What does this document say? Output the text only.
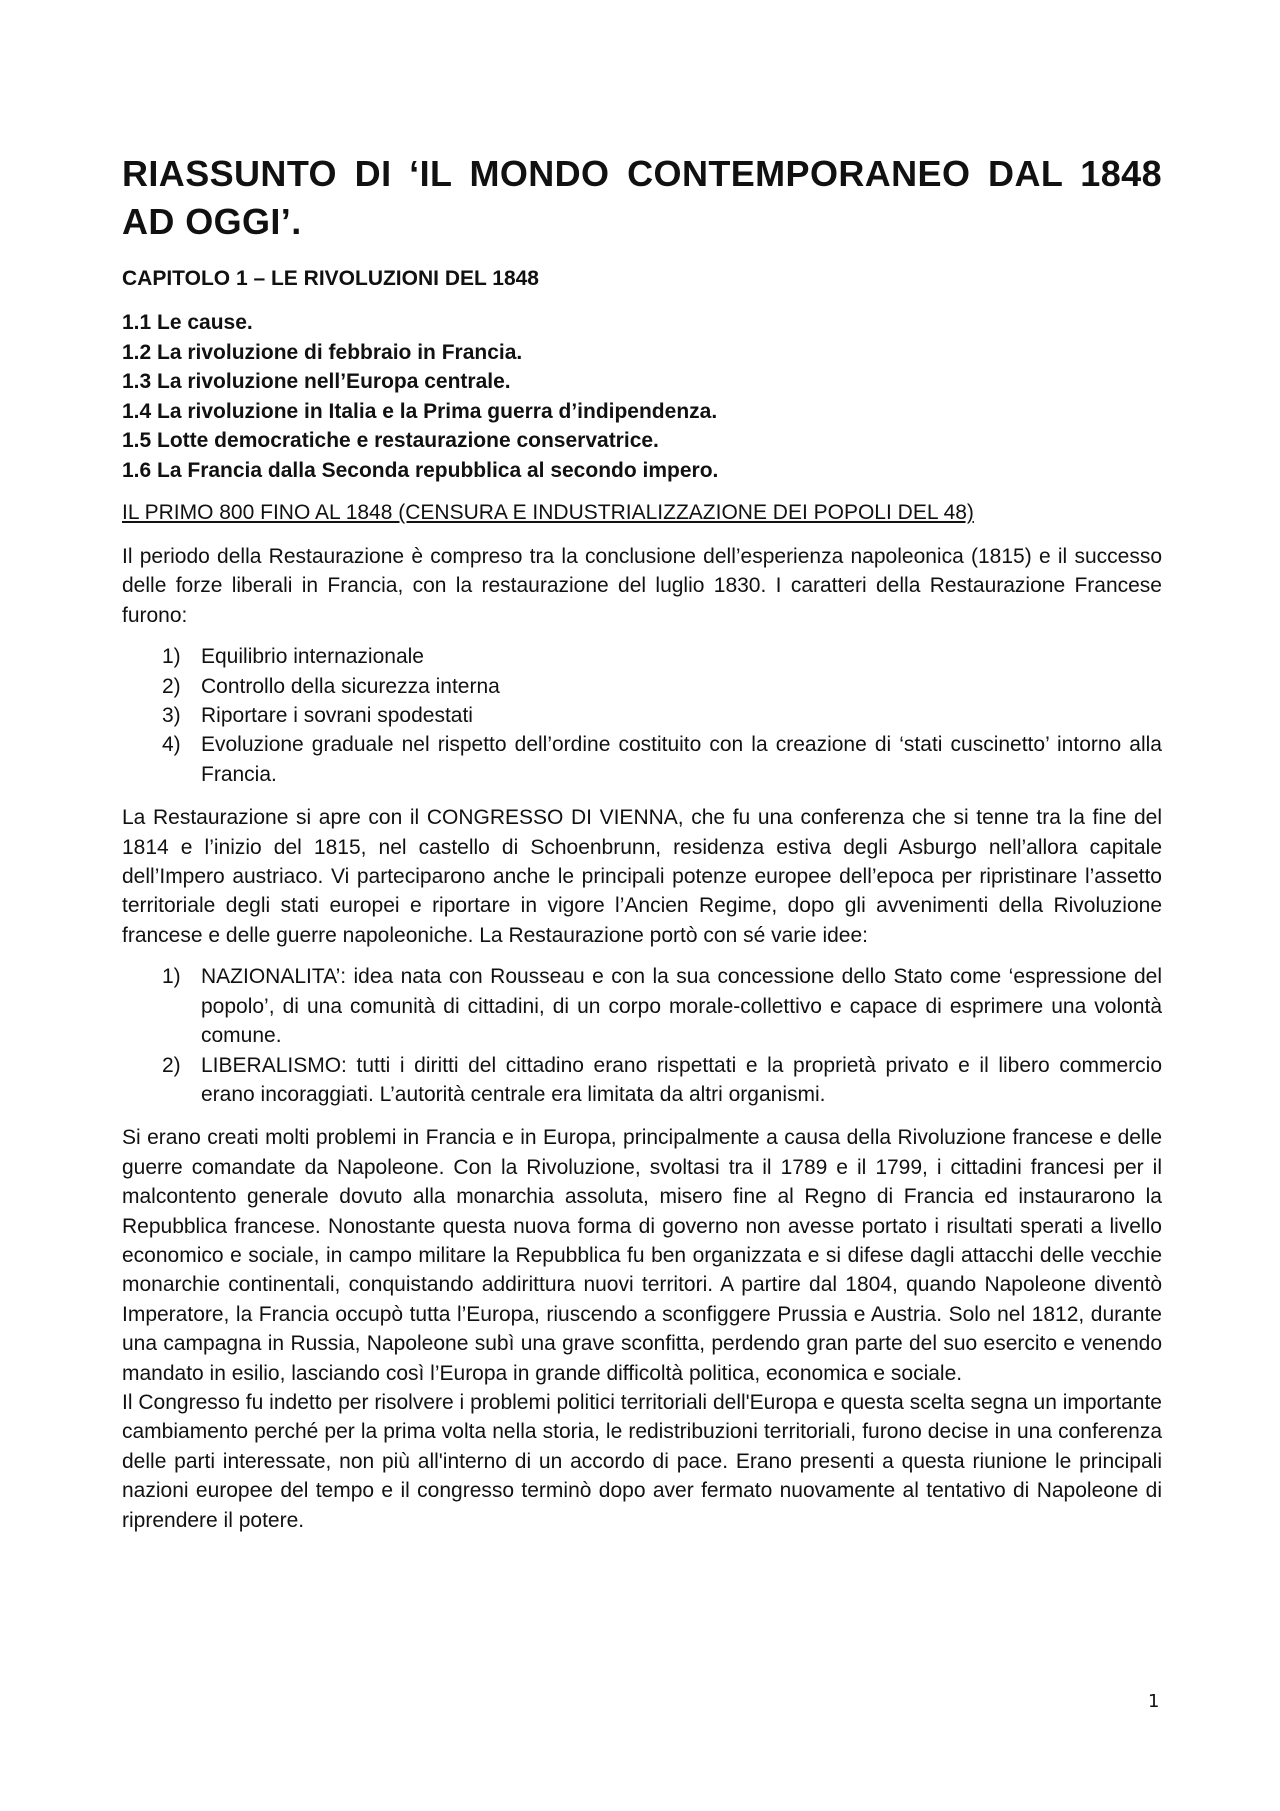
RIASSUNTO DI ‘IL MONDO CONTEMPORANEO DAL 1848 AD OGGI’.
CAPITOLO 1 – LE RIVOLUZIONI DEL 1848
1.1 Le cause.
1.2 La rivoluzione di febbraio in Francia.
1.3 La rivoluzione nell’Europa centrale.
1.4 La rivoluzione in Italia e la Prima guerra d’indipendenza.
1.5 Lotte democratiche e restaurazione conservatrice.
1.6 La Francia dalla Seconda repubblica al secondo impero.
IL PRIMO 800 FINO AL 1848 (CENSURA E INDUSTRIALIZZAZIONE DEI POPOLI DEL 48)

Il periodo della Restaurazione è compreso tra la conclusione dell’esperienza napoleonica (1815) e il successo delle forze liberali in Francia, con la restaurazione del luglio 1830. I caratteri della Restaurazione Francese furono:

1) Equilibrio internazionale
2) Controllo della sicurezza interna
3) Riportare i sovrani spodestati
4) Evoluzione graduale nel rispetto dell’ordine costituito con la creazione di ‘stati cuscinetto’ intorno alla Francia.

La Restaurazione si apre con il CONGRESSO DI VIENNA, che fu una conferenza che si tenne tra la fine del 1814 e l’inizio del 1815, nel castello di Schoenbrunn, residenza estiva degli Asburgo nell’allora capitale dell’Impero austriaco. Vi parteciparono anche le principali potenze europee dell’epoca per ripristinare l’assetto territoriale degli stati europei e riportare in vigore l’Ancien Regime, dopo gli avvenimenti della Rivoluzione francese e delle guerre napoleoniche. La Restaurazione portò con sé varie idee:

1) NAZIONALITA’: idea nata con Rousseau e con la sua concessione dello Stato come ‘espressione del popolo’, di una comunità di cittadini, di un corpo morale-collettivo e capace di esprimere una volontà comune.
2) LIBERALISMO: tutti i diritti del cittadino erano rispettati e la proprietà privato e il libero commercio erano incoraggiati. L’autorità centrale era limitata da altri organismi.

Si erano creati molti problemi in Francia e in Europa, principalmente a causa della Rivoluzione francese e delle guerre comandate da Napoleone. Con la Rivoluzione, svoltasi tra il 1789 e il 1799, i cittadini francesi per il malcontento generale dovuto alla monarchia assoluta, misero fine al Regno di Francia ed instaurarono la Repubblica francese. Nonostante questa nuova forma di governo non avesse portato i risultati sperati a livello economico e sociale, in campo militare la Repubblica fu ben organizzata e si difese dagli attacchi delle vecchie monarchie continentali, conquistando addirittura nuovi territori. A partire dal 1804, quando Napoleone diventò Imperatore, la Francia occupò tutta l’Europa, riuscendo a sconfiggere Prussia e Austria. Solo nel 1812, durante una campagna in Russia, Napoleone subì una grave sconfitta, perdendo gran parte del suo esercito e venendo mandato in esilio, lasciando così l’Europa in grande difficoltà politica, economica e sociale.

Il Congresso fu indetto per risolvere i problemi politici territoriali dell'Europa e questa scelta segna un importante cambiamento perché per la prima volta nella storia, le redistribuzioni territoriali, furono decise in una conferenza delle parti interessate, non più all'interno di un accordo di pace. Erano presenti a questa riunione le principali nazioni europee del tempo e il congresso terminò dopo aver fermato nuovamente al tentativo di Napoleone di riprendere il potere.

1
